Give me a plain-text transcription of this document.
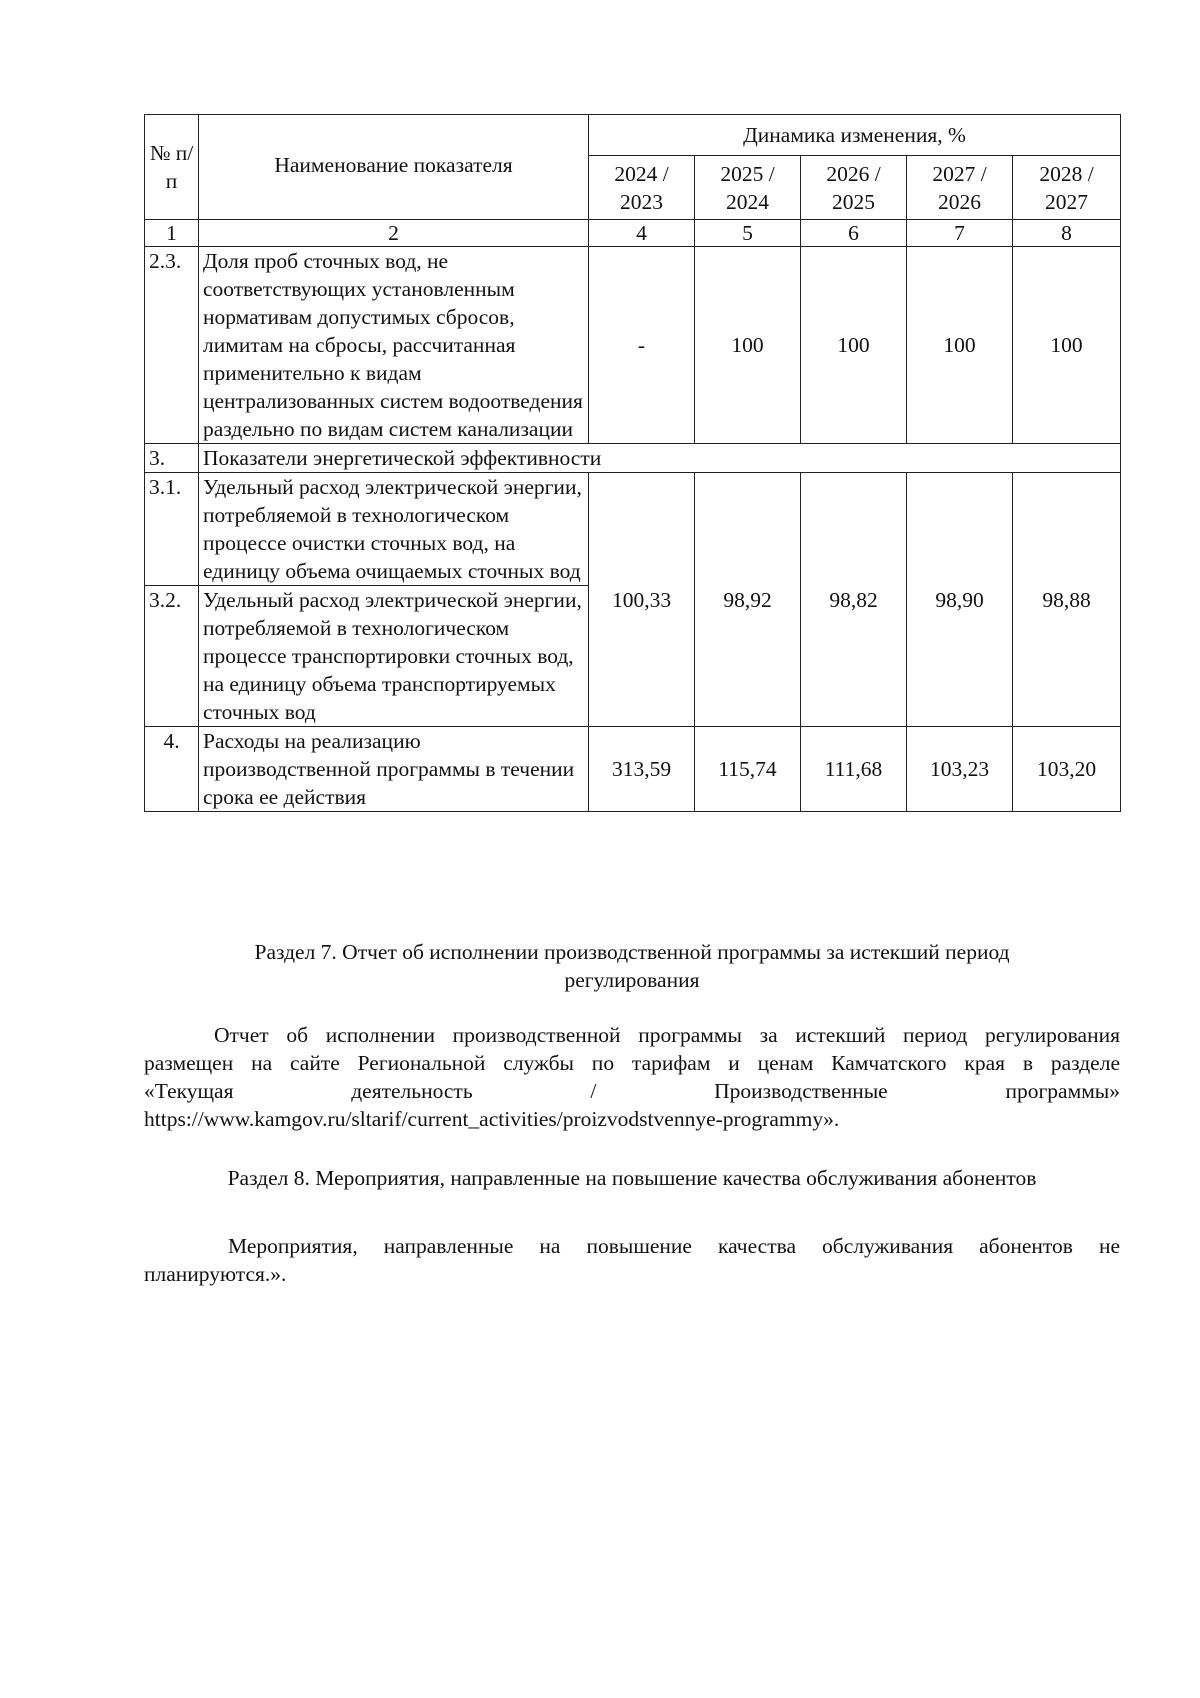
№ п/п	Наименование показателя	Динамика изменения, %				
		2024 / 2023	2025 / 2024	2026 / 2025	2027 / 2026	2028 / 2027
1	2	4	5	6	7	8
2.3.	Доля проб сточных вод, не соответствующих установленным нормативам допустимых сбросов, лимитам на сбросы, рассчитанная применительно к видам централизованных систем водоотведения раздельно по видам систем канализации	-	100	100	100	100
3.	Показатели энергетической эффективности					
3.1.	Удельный расход электрической энергии, потребляемой в технологическом процессе очистки сточных вод, на единицу объема очищаемых сточных вод	100,33	98,92	98,82	98,90	98,88
3.2.	Удельный расход электрической энергии, потребляемой в технологическом процессе транспортировки сточных вод, на единицу объема транспортируемых сточных вод					
4.	Расходы на реализацию производственной программы в течении срока ее действия	313,59	115,74	111,68	103,23	103,20

Раздел 7. Отчет об исполнении производственной программы за истекший период регулирования

Отчет об исполнении производственной программы за истекший период регулирования
размещен на сайте Региональной службы по тарифам и ценам Камчатского края в разделе
«Текущая деятельность / Производственные программы»
https://www.kamgov.ru/sltarif/current_activities/proizvodstvennye-programmy».

Раздел 8. Мероприятия, направленные на повышение качества обслуживания абонентов

Мероприятия, направленные на повышение качества обслуживания абонентов не
планируются.».
